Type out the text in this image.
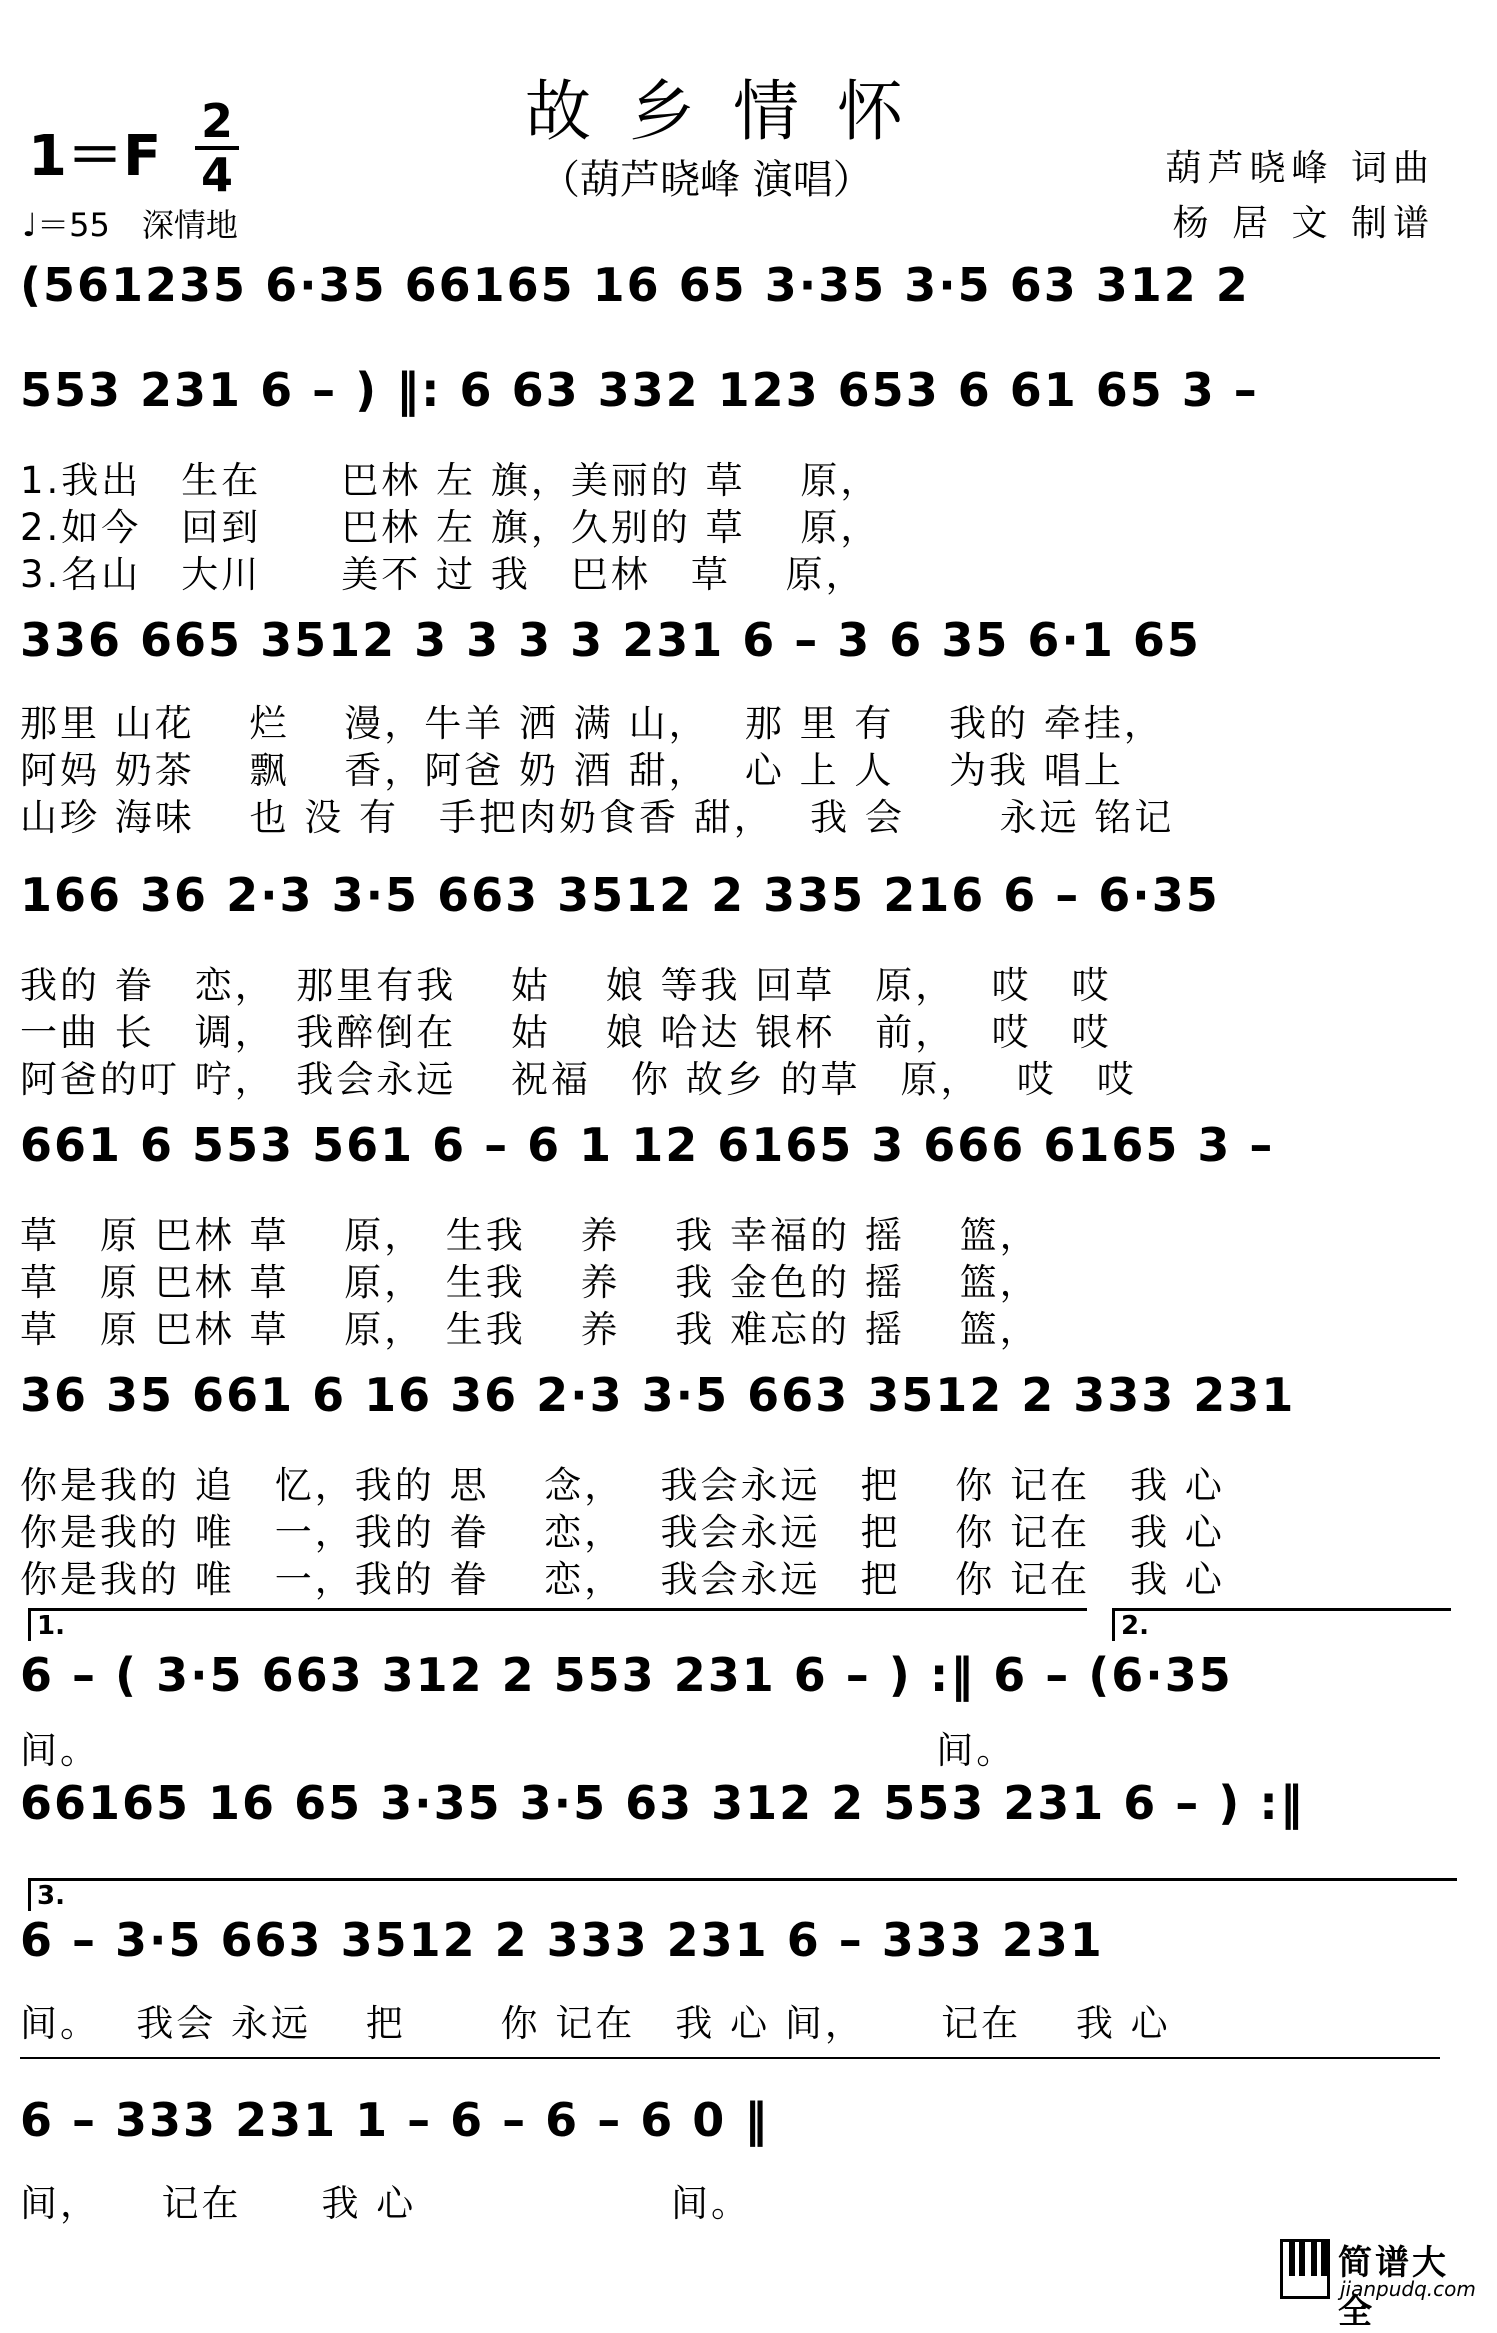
故乡情怀
（葫芦晓峰 演唱）
1＝F
2
4
♩＝55　深情地
葫芦晓峰 词曲
杨 居 文 制谱
(561235 6·35 66165 16 65 3·35 3·5 63 312 2
553 231 6 – ) ‖: 6 63 332 123 653 6 61 65 3 –
1.我出　生在　　巴林 左 旗，美丽的 草　 原，
2.如今　回到　　巴林 左 旗，久别的 草　 原，
3.名山　大川　　美不 过 我　巴林　草　 原，
336 665 3512 3 3 3 3 231 6 – 3 6 35 6·1 65
那里 山花　 烂　 漫，牛羊 洒 满 山，　 那 里 有　 我的 牵挂，
阿妈 奶茶　 飘　 香，阿爸 奶 酒 甜，　 心 上 人　 为我 唱上
山珍 海味　 也 没 有　手把肉奶食香 甜，　 我 会　　 永远 铭记
166 36 2·3 3·5 663 3512 2 335 216 6 – 6·35
我的 眷　恋，　那里有我　 姑　 娘 等我 回草　原，　 哎　哎
一曲 长　调，　我醉倒在　 姑　 娘 哈达 银杯　前，　 哎　哎
阿爸的叮 咛，　我会永远　 祝福　你 故乡 的草　原，　 哎　哎
661 6 553 561 6 – 6 1 12 6165 3 666 6165 3 –
草　原 巴林 草　 原，　生我　 养　 我 幸福的 摇　 篮，
草　原 巴林 草　 原，　生我　 养　 我 金色的 摇　 篮，
草　原 巴林 草　 原，　生我　 养　 我 难忘的 摇　 篮，
36 35 661 6 16 36 2·3 3·5 663 3512 2 333 231
你是我的 追　忆，我的 思　 念，　 我会永远　把　 你 记在　我 心
你是我的 唯　一，我的 眷　 恋，　 我会永远　把　 你 记在　我 心
你是我的 唯　一，我的 眷　 恋，　 我会永远　把　 你 记在　我 心
1.	2.
6 – ( 3·5 663 312 2 553 231 6 – ) :‖ 6 – (6·35
间。　　　　　　　　　　　　　　　　　　　　　 间。
66165 16 65 3·35 3·5 63 312 2 553 231 6 – ) :‖
3.
6 – 3·5 663 3512 2 333 231 6 – 333 231
间。　 我会 永远　 把　　 你 记在　我 心 间，　　 记在　 我 心
6 – 333 231 1 – 6 – 6 – 6 0 ‖
间，　　记在　　我 心　　　　　　 间。
简谱大全
jianpudq.com
